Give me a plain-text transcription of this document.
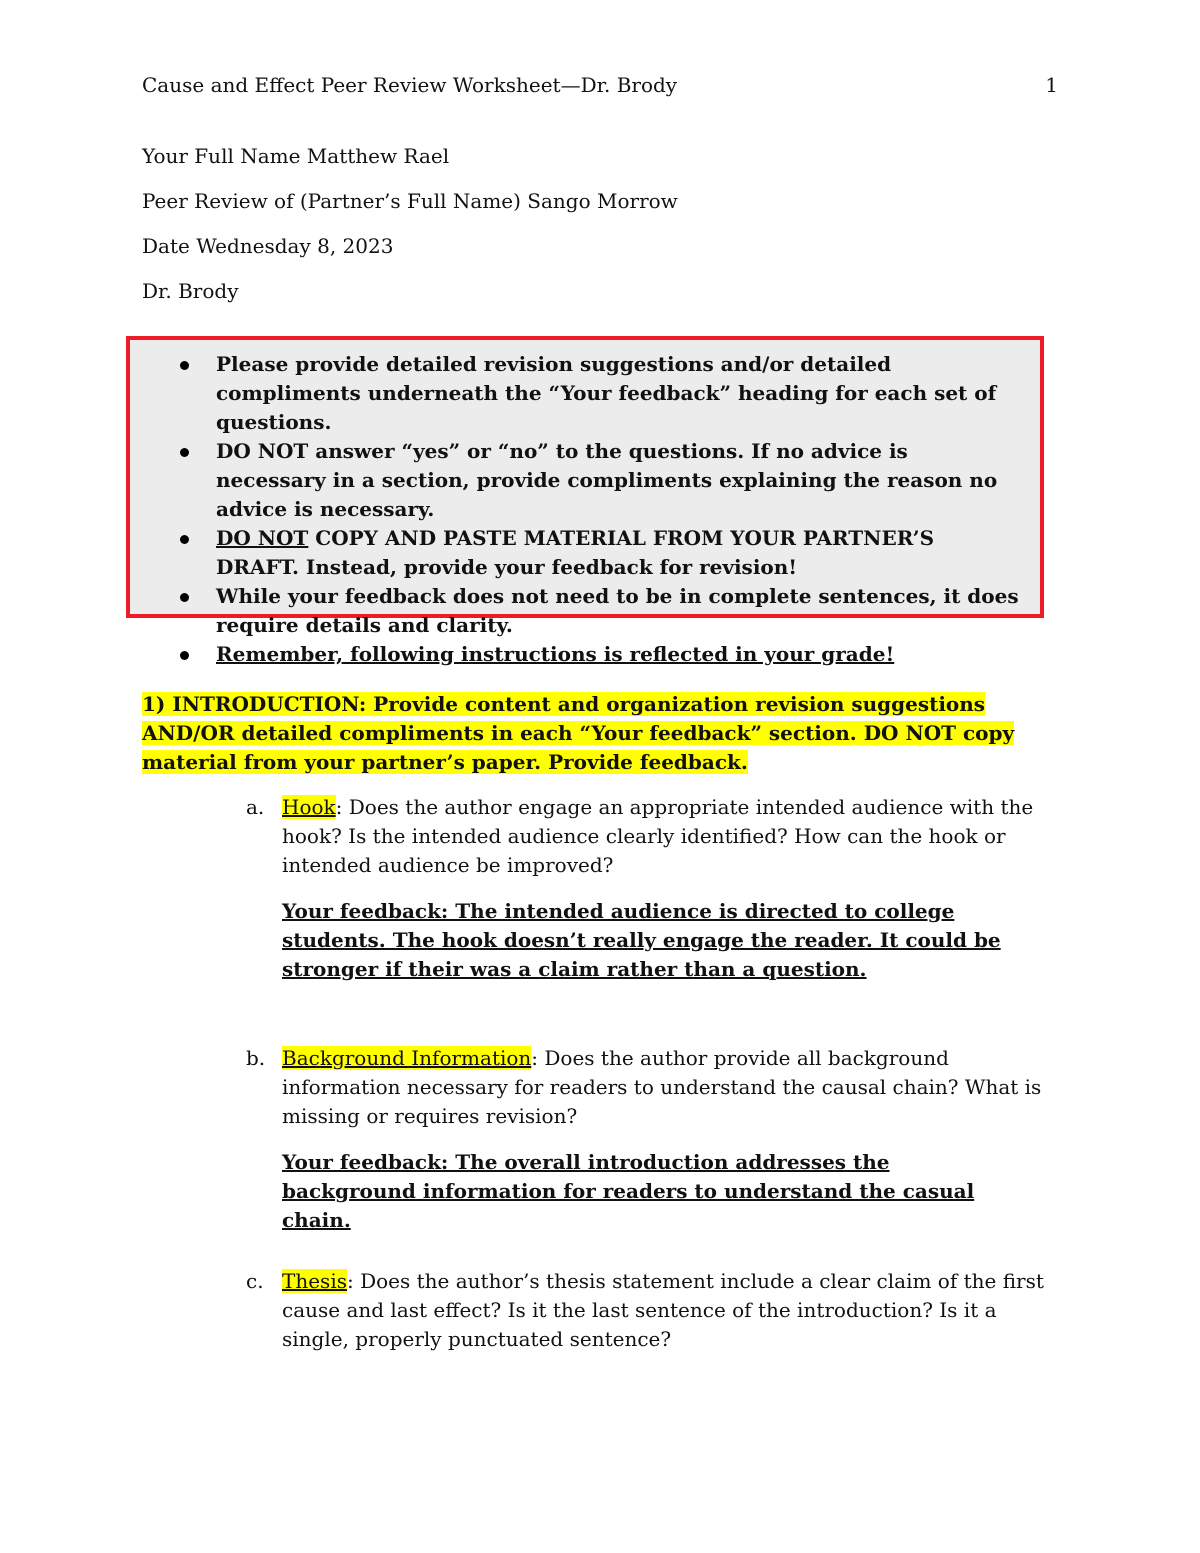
Cause and Effect Peer Review Worksheet—Dr. Brody	1
Your Full Name Matthew Rael
Peer Review of (Partner’s Full Name) Sango Morrow
Date Wednesday 8, 2023
Dr. Brody
Please provide detailed revision suggestions and/or detailed compliments underneath the “Your feedback” heading for each set of questions.
DO NOT answer “yes” or “no” to the questions. If no advice is necessary in a section, provide compliments explaining the reason no advice is necessary.
DO NOT COPY AND PASTE MATERIAL FROM YOUR PARTNER’S DRAFT. Instead, provide your feedback for revision!
While your feedback does not need to be in complete sentences, it does require details and clarity.
Remember, following instructions is reflected in your grade!
1) INTRODUCTION: Provide content and organization revision suggestions AND/OR detailed compliments in each “Your feedback” section. DO NOT copy material from your partner’s paper. Provide feedback.
a. Hook: Does the author engage an appropriate intended audience with the hook? Is the intended audience clearly identified? How can the hook or intended audience be improved?
Your feedback: The intended audience is directed to college students. The hook doesn’t really engage the reader. It could be stronger if their was a claim rather than a question.
b. Background Information: Does the author provide all background information necessary for readers to understand the causal chain? What is missing or requires revision?
Your feedback: The overall introduction addresses the background information for readers to understand the casual chain.
c. Thesis: Does the author’s thesis statement include a clear claim of the first cause and last effect? Is it the last sentence of the introduction? Is it a single, properly punctuated sentence?
